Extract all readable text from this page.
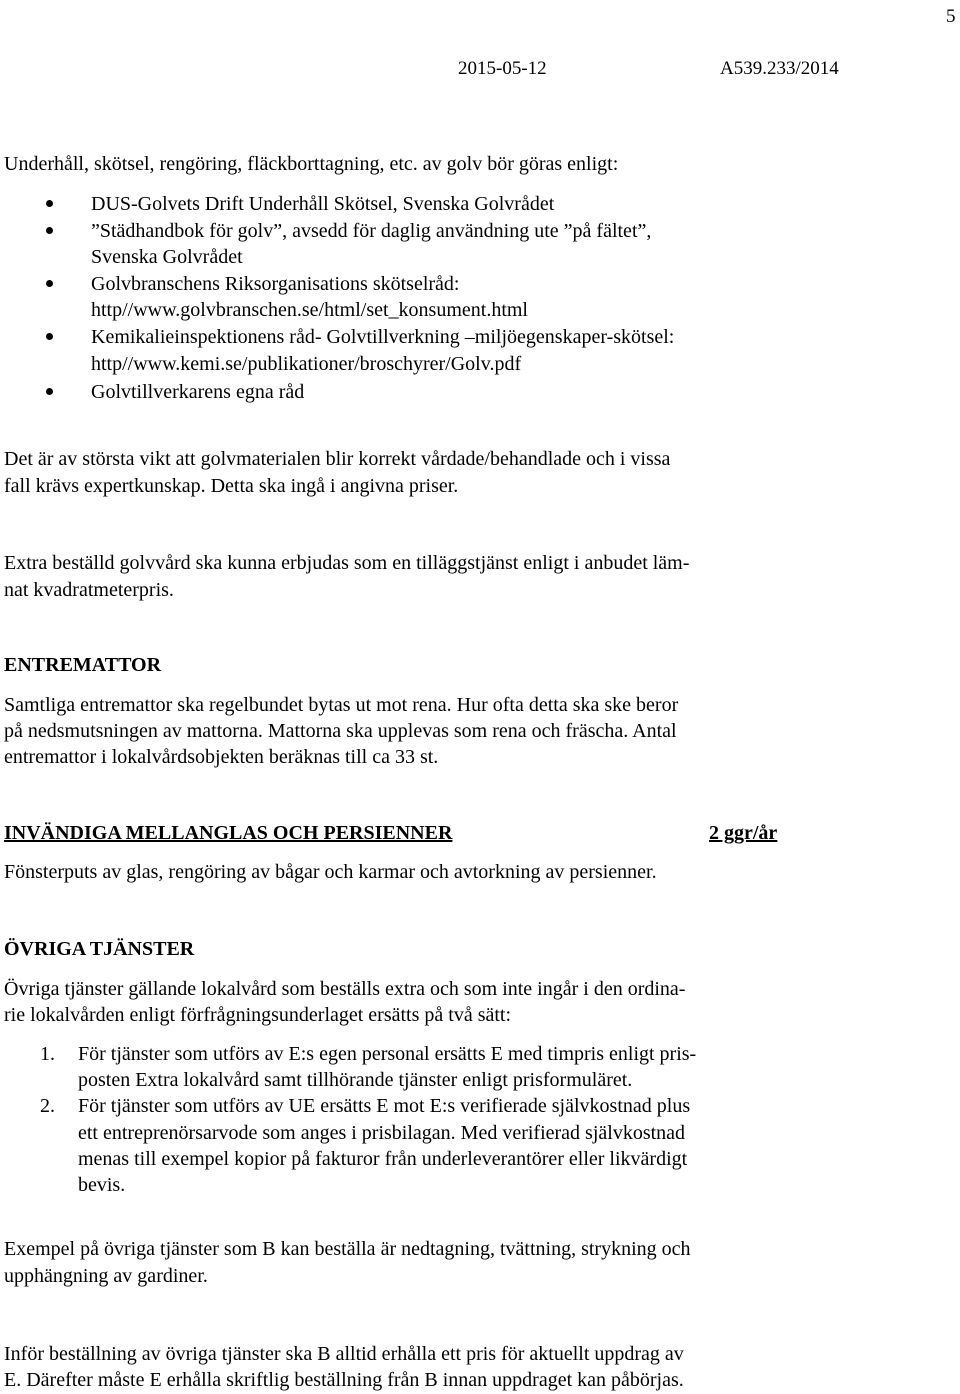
5
2015-05-12	A539.233/2014
Underhåll, skötsel, rengöring, fläckborttagning, etc. av golv bör göras enligt:
DUS-Golvets Drift Underhåll Skötsel, Svenska Golvrådet
”Städhandbok för golv”, avsedd för daglig användning ute ”på fältet”,
Svenska Golvrådet
Golvbranschens Riksorganisations skötselråd:
http//www.golvbranschen.se/html/set_konsument.html
Kemikalieinspektionens råd- Golvtillverkning –miljöegenskaper-skötsel:
http//www.kemi.se/publikationer/broschyrer/Golv.pdf
Golvtillverkarens egna råd
Det är av största vikt att golvmaterialen blir korrekt vårdade/behandlade och i vissa
fall krävs expertkunskap. Detta ska ingå i angivna priser.
Extra beställd golvvård ska kunna erbjudas som en tilläggstjänst enligt i anbudet läm-
nat kvadratmeterpris.
ENTREMATTOR
Samtliga entremattor ska regelbundet bytas ut mot rena. Hur ofta detta ska ske beror
på nedsmutsningen av mattorna. Mattorna ska upplevas som rena och fräscha. Antal
entremattor i lokalvårdsobjekten beräknas till ca 33 st.
INVÄNDIGA MELLANGLAS OCH PERSIENNER	2 ggr/år
Fönsterputs av glas, rengöring av bågar och karmar och avtorkning av persienner.
ÖVRIGA TJÄNSTER
Övriga tjänster gällande lokalvård som beställs extra och som inte ingår i den ordina-
rie lokalvården enligt förfrågningsunderlaget ersätts på två sätt:
1. För tjänster som utförs av E:s egen personal ersätts E med timpris enligt pris-
posten Extra lokalvård samt tillhörande tjänster enligt prisformuläret.
2. För tjänster som utförs av UE ersätts E mot E:s verifierade självkostnad plus
ett entreprenörsarvode som anges i prisbilagan. Med verifierad självkostnad
menas till exempel kopior på fakturor från underleverantörer eller likvärdigt
bevis.
Exempel på övriga tjänster som B kan beställa är nedtagning, tvättning, strykning och
upphängning av gardiner.
Inför beställning av övriga tjänster ska B alltid erhålla ett pris för aktuellt uppdrag av
E. Därefter måste E erhålla skriftlig beställning från B innan uppdraget kan påbörjas.
